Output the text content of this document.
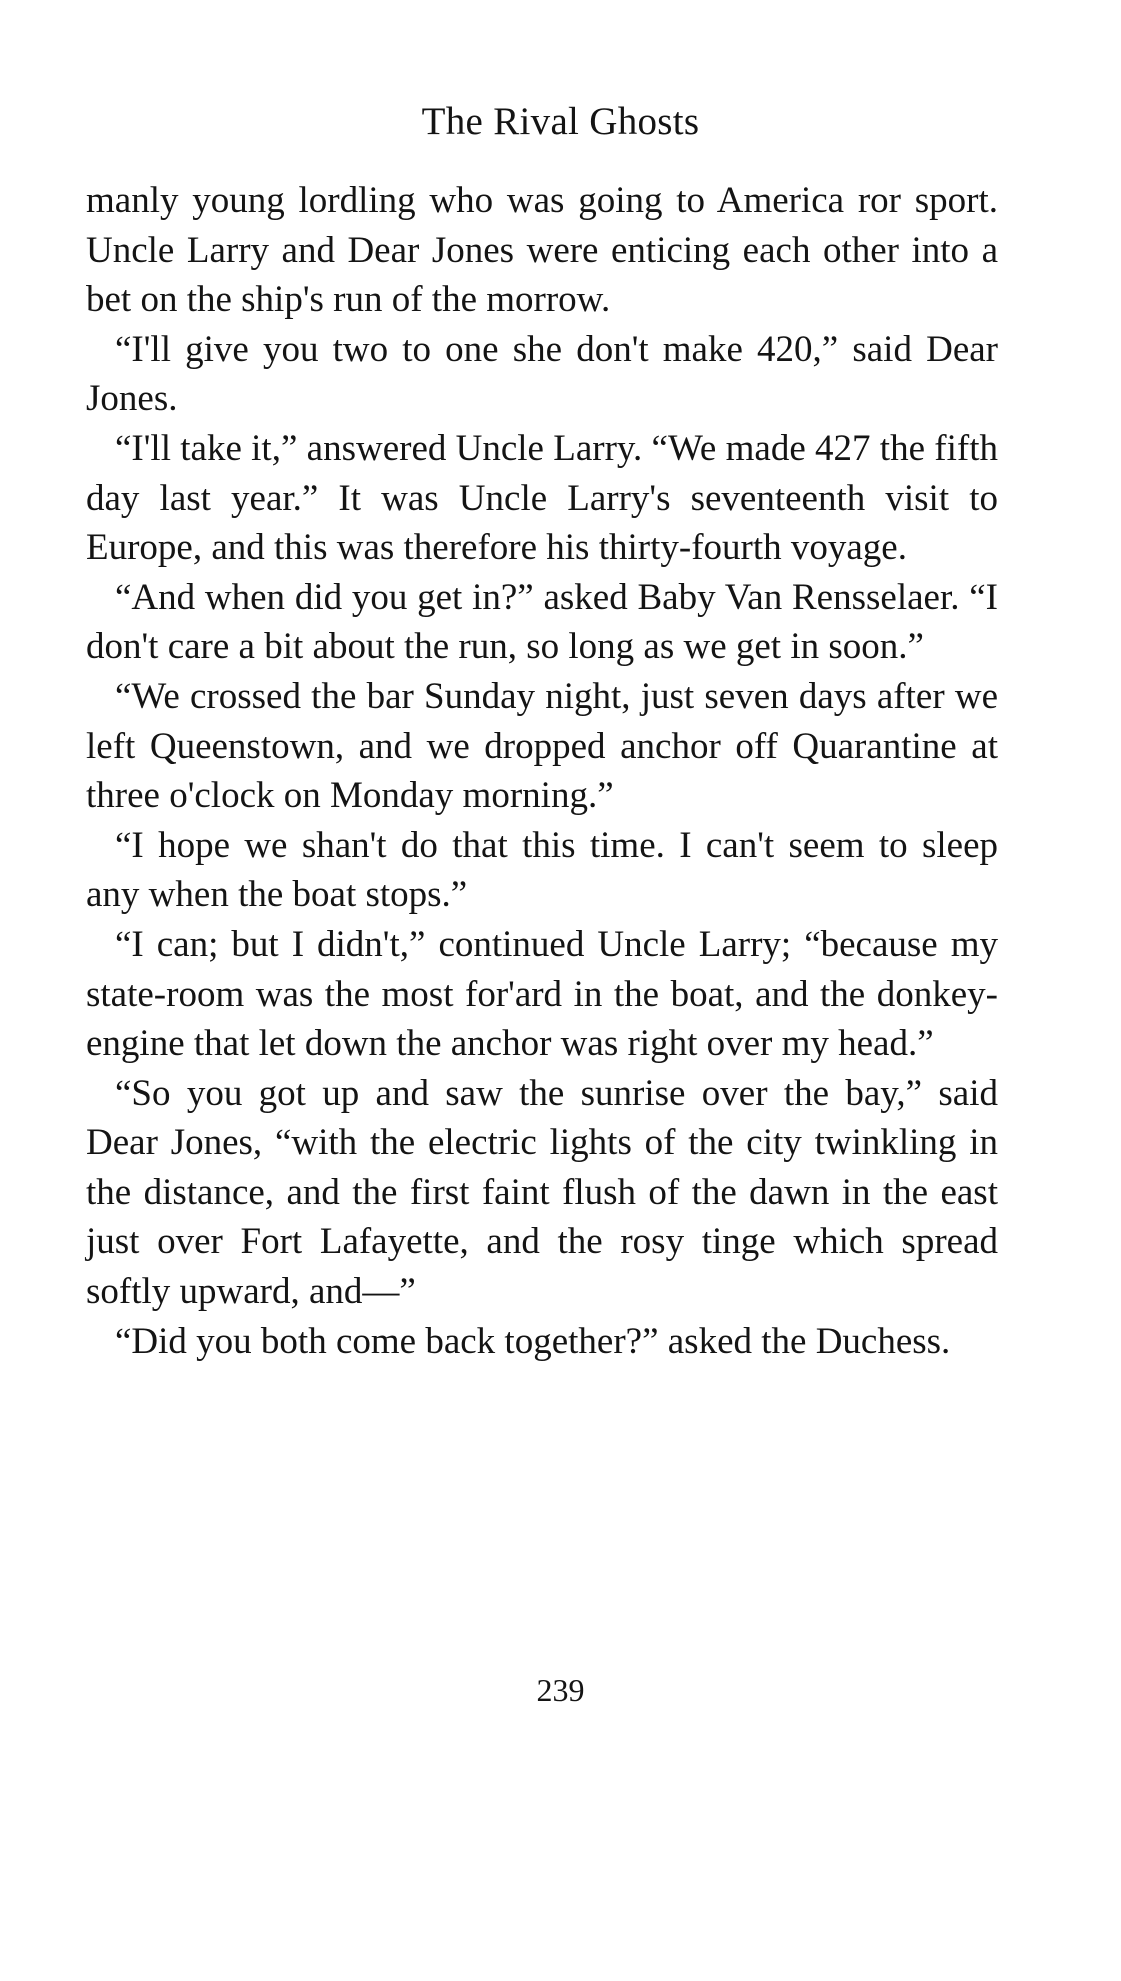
The Rival Ghosts

manly young lordling who was going to America ror sport. Uncle Larry and Dear Jones were enticing each other into a bet on the ship's run of the morrow.

“I'll give you two to one she don't make 420,” said Dear Jones.

“I'll take it,” answered Uncle Larry. “We made 427 the fifth day last year.” It was Uncle Larry's seventeenth visit to Europe, and this was therefore his thirty-fourth voyage.

“And when did you get in?” asked Baby Van Rensselaer. “I don't care a bit about the run, so long as we get in soon.”

“We crossed the bar Sunday night, just seven days after we left Queenstown, and we dropped anchor off Quarantine at three o'clock on Monday morning.”

“I hope we shan't do that this time. I can't seem to sleep any when the boat stops.”

“I can; but I didn't,” continued Uncle Larry; “because my state-room was the most for'ard in the boat, and the donkey-engine that let down the anchor was right over my head.”

“So you got up and saw the sunrise over the bay,” said Dear Jones, “with the electric lights of the city twinkling in the distance, and the first faint flush of the dawn in the east just over Fort Lafayette, and the rosy tinge which spread softly upward, and—”

“Did you both come back together?” asked the Duchess.

239
